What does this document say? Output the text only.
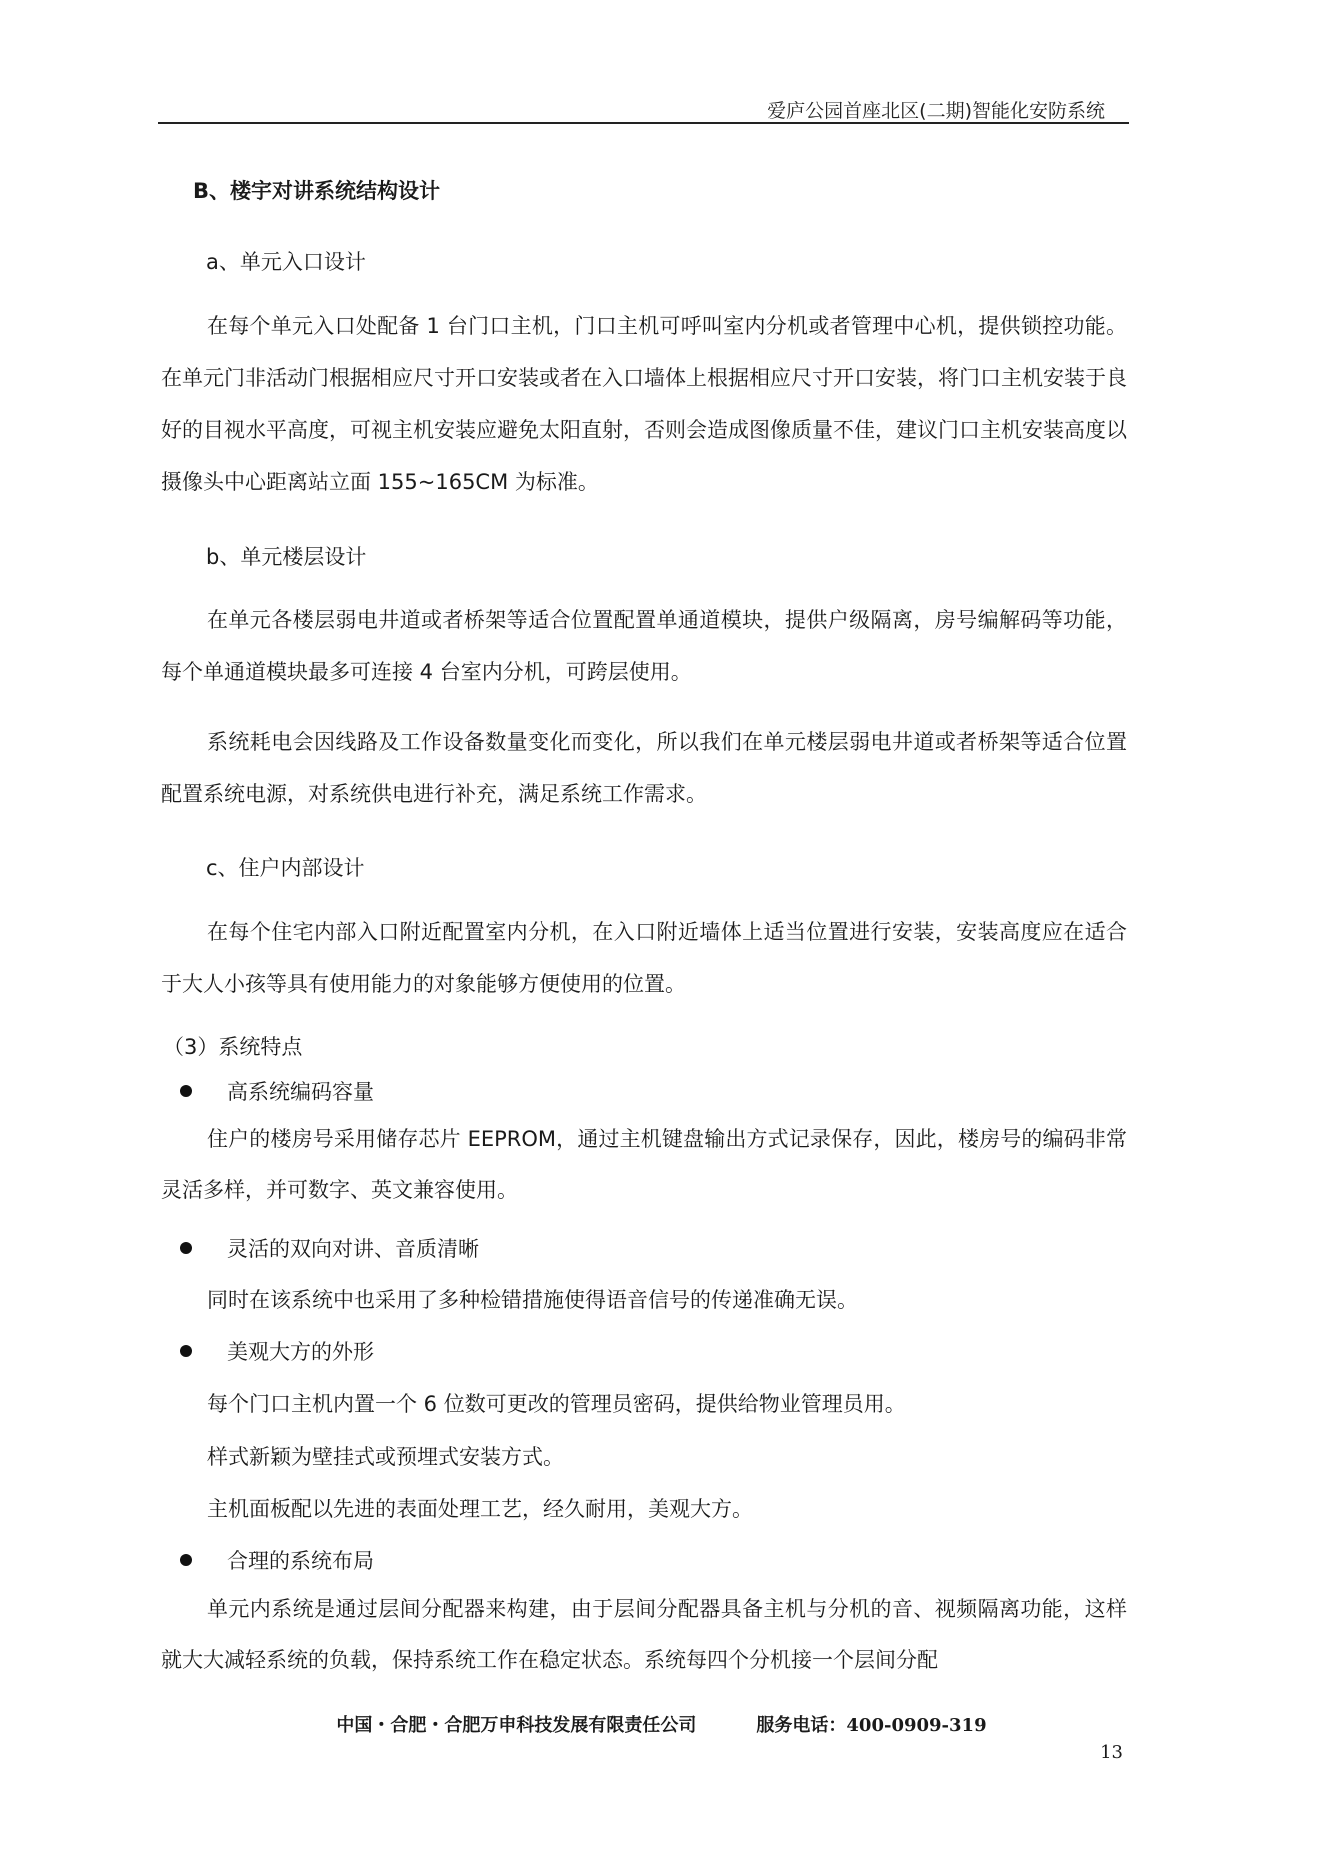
爱庐公园首座北区(二期)智能化安防系统
B、楼宇对讲系统结构设计
a、单元入口设计

在每个单元入口处配备 1 台门口主机，门口主机可呼叫室内分机或者管理中心机，提供锁控功能。在单元门非活动门根据相应尺寸开口安装或者在入口墙体上根据相应尺寸开口安装，将门口主机安装于良好的目视水平高度，可视主机安装应避免太阳直射，否则会造成图像质量不佳，建议门口主机安装高度以摄像头中心距离站立面 155~165CM 为标准。

b、单元楼层设计

在单元各楼层弱电井道或者桥架等适合位置配置单通道模块，提供户级隔离，房号编解码等功能，每个单通道模块最多可连接 4 台室内分机，可跨层使用。

系统耗电会因线路及工作设备数量变化而变化，所以我们在单元楼层弱电井道或者桥架等适合位置配置系统电源，对系统供电进行补充，满足系统工作需求。

c、住户内部设计

在每个住宅内部入口附近配置室内分机，在入口附近墙体上适当位置进行安装，安装高度应在适合于大人小孩等具有使用能力的对象能够方便使用的位置。

（3）系统特点
高系统编码容量

住户的楼房号采用储存芯片 EEPROM，通过主机键盘输出方式记录保存，因此，楼房号的编码非常灵活多样，并可数字、英文兼容使用。

灵活的双向对讲、音质清晰
同时在该系统中也采用了多种检错措施使得语音信号的传递准确无误。
美观大方的外形
每个门口主机内置一个 6 位数可更改的管理员密码，提供给物业管理员用。
样式新颖为壁挂式或预埋式安装方式。
主机面板配以先进的表面处理工艺，经久耐用，美观大方。
合理的系统布局

单元内系统是通过层间分配器来构建，由于层间分配器具备主机与分机的音、视频隔离功能，这样就大大减轻系统的负载，保持系统工作在稳定状态。系统每四个分机接一个层间分配

中国・合肥・合肥万申科技发展有限责任公司	服务电话：400-0909-319
13
